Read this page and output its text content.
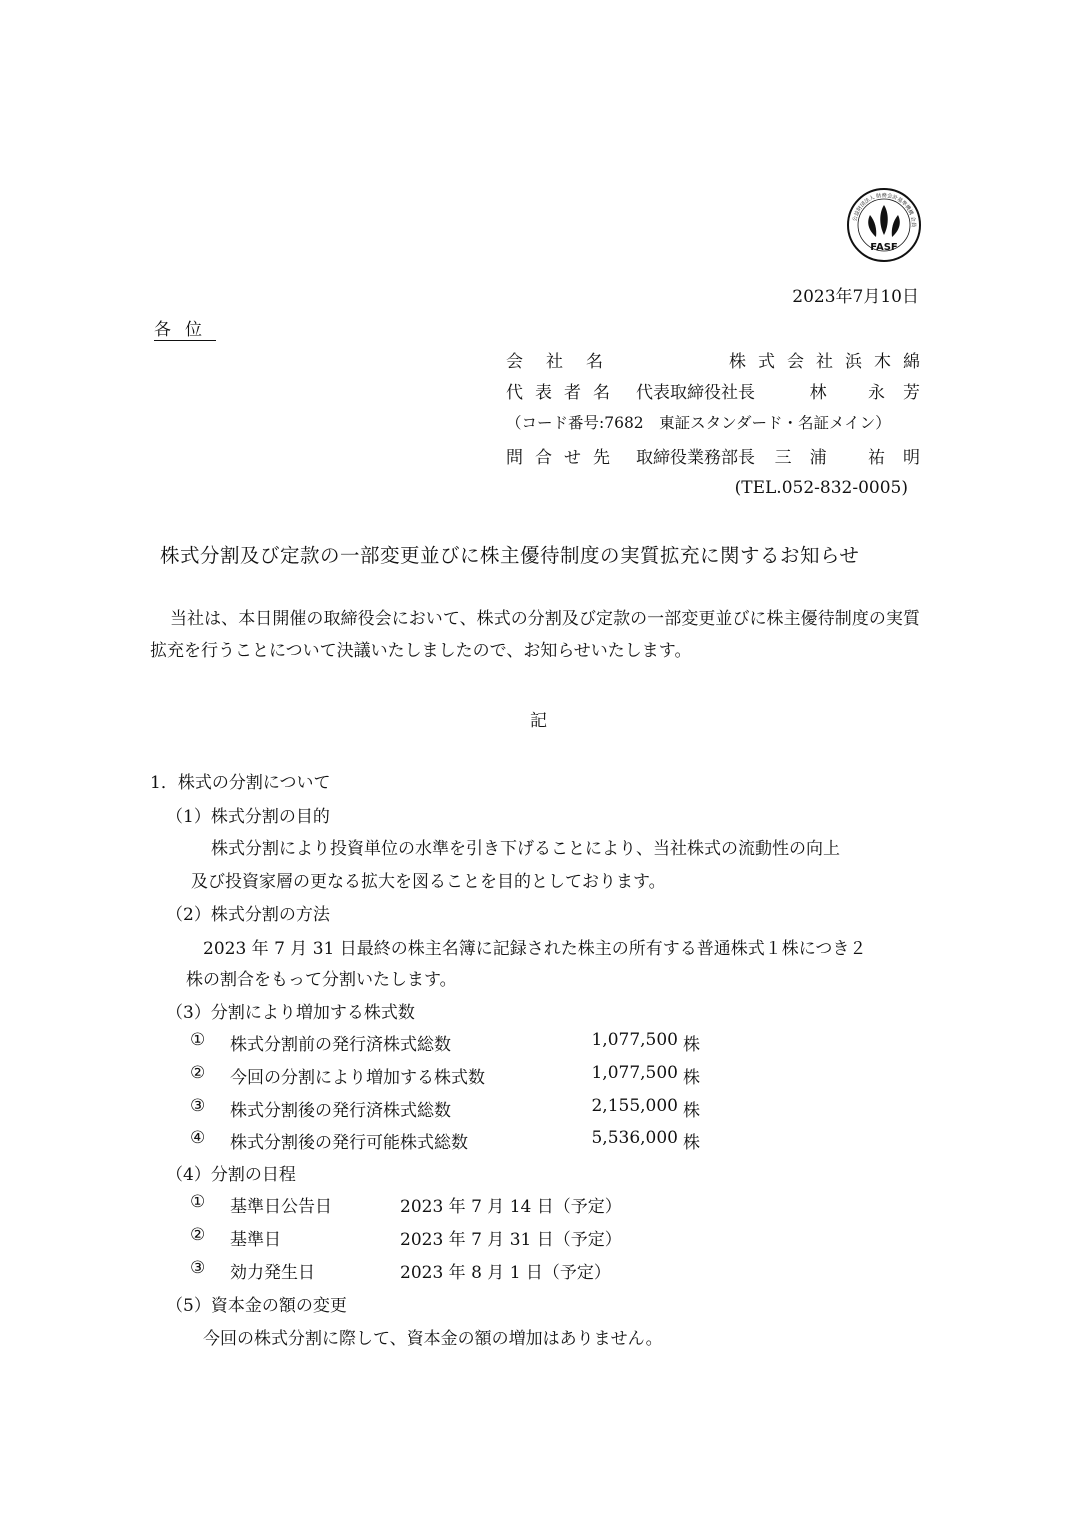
公益財団法人 財務会計基準機構 会員
FASF
2023年7月10日
各位
会社名	株式会社浜木綿
代表者名 代表取締役社長	林 永芳
（コード番号:7682　東証スタンダード・名証メイン）
問合せ先 取締役業務部長 三浦 祐明
(TEL.052-832-0005)
株式分割及び定款の一部変更並びに株主優待制度の実質拡充に関するお知らせ
当社は、本日開催の取締役会において、株式の分割及び定款の一部変更並びに株主優待制度の実質拡充を行うことについて決議いたしましたので、お知らせいたします。
記
1．株式の分割について
（1）株式分割の目的
株式分割により投資単位の水準を引き下げることにより、当社株式の流動性の向上
及び投資家層の更なる拡大を図ることを目的としております。
（2）株式分割の方法
2023 年 7 月 31 日最終の株主名簿に記録された株主の所有する普通株式１株につき２
株の割合をもって分割いたします。
（3）分割により増加する株式数
① 株式分割前の発行済株式総数	1,077,500 株
② 今回の分割により増加する株式数	1,077,500 株
③ 株式分割後の発行済株式総数	2,155,000 株
④ 株式分割後の発行可能株式総数	5,536,000 株
（4）分割の日程
① 基準日公告日	2023 年 7 月 14 日（予定）
② 基準日	2023 年 7 月 31 日（予定）
③ 効力発生日	2023 年 8 月 1 日（予定）
（5）資本金の額の変更
今回の株式分割に際して、資本金の額の増加はありません。
